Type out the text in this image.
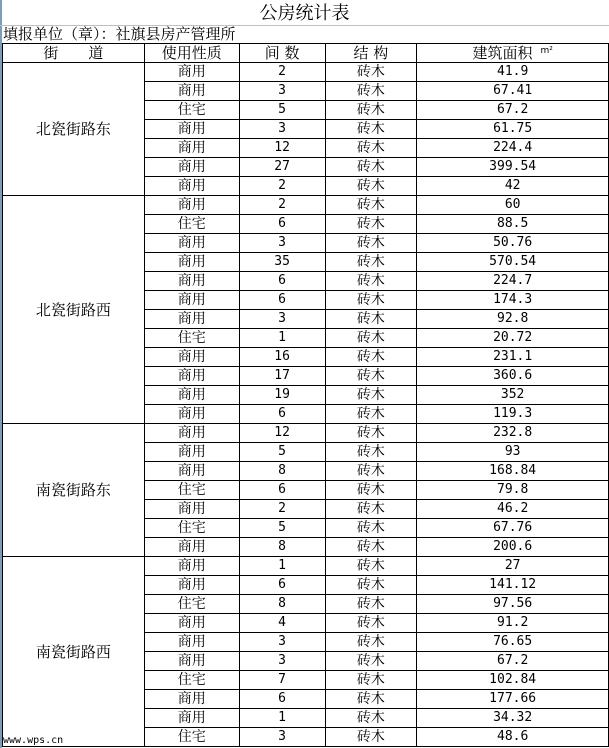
公房统计表
填报单位（章）：社旗县房产管理所
街　　道	使用性质	间 数	结 构	建筑面积 $^{m^2}$
北瓷街路东	商用	2	砖木	41.9
	商用	3	砖木	67.41
	住宅	5	砖木	67.2
	商用	3	砖木	61.75
	商用	12	砖木	224.4
	商用	27	砖木	399.54
	商用	2	砖木	42
北瓷街路西	商用	2	砖木	60
	住宅	6	砖木	88.5
	商用	3	砖木	50.76
	商用	35	砖木	570.54
	商用	6	砖木	224.7
	商用	6	砖木	174.3
	商用	3	砖木	92.8
	住宅	1	砖木	20.72
	商用	16	砖木	231.1
	商用	17	砖木	360.6
	商用	19	砖木	352
	商用	6	砖木	119.3
南瓷街路东	商用	12	砖木	232.8
	商用	5	砖木	93
	商用	8	砖木	168.84
	住宅	6	砖木	79.8
	商用	2	砖木	46.2
	住宅	5	砖木	67.76
	商用	8	砖木	200.6
南瓷街路西	商用	1	砖木	27
	商用	6	砖木	141.12
	住宅	8	砖木	97.56
	商用	4	砖木	91.2
	商用	3	砖木	76.65
	商用	3	砖木	67.2
	住宅	7	砖木	102.84
	商用	6	砖木	177.66
	商用	1	砖木	34.32
	住宅	3	砖木	48.6
www.wps.cn
